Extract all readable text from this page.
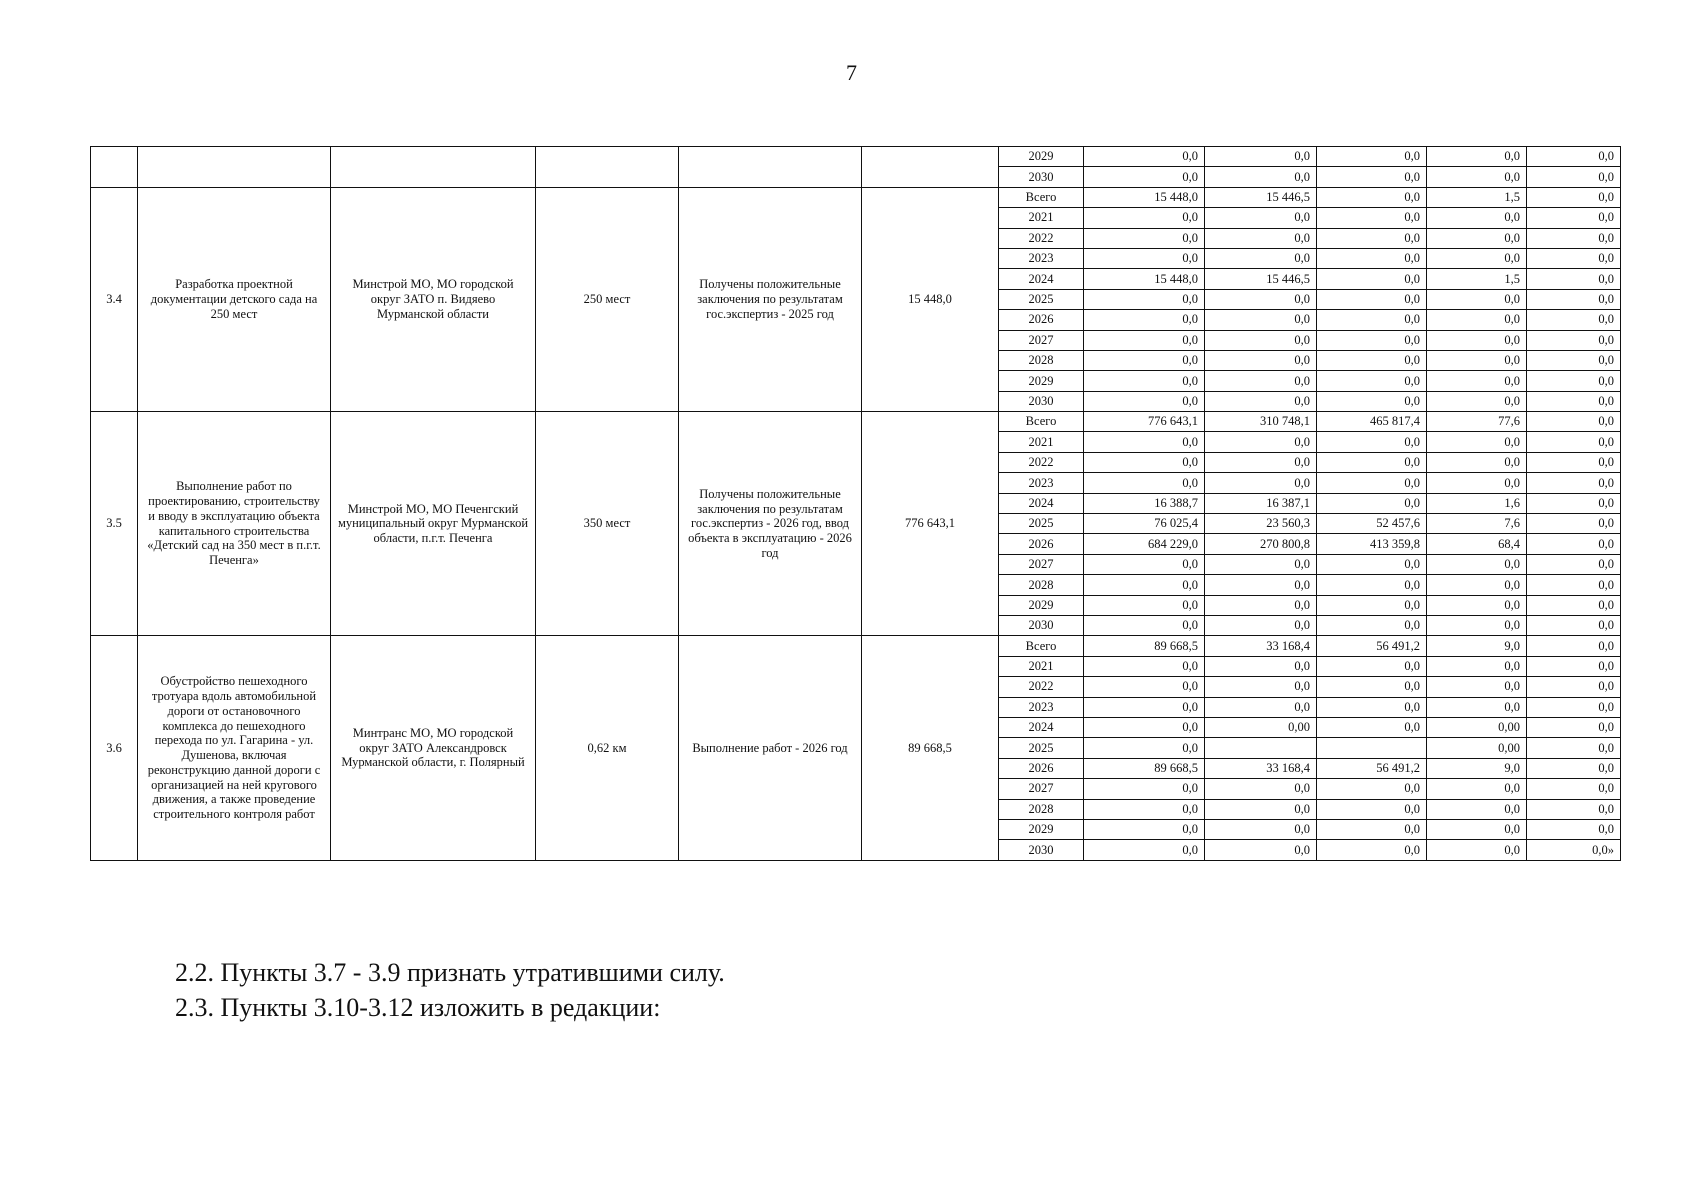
7
						2029	0,0	0,0	0,0	0,0	0,0
						2030	0,0	0,0	0,0	0,0	0,0
3.4	Разработка проектной документации детского сада на 250 мест	Минстрой МО, МО городской округ ЗАТО п. Видяево Мурманской области	250 мест	Получены положительные заключения по результатам гос.экспертиз - 2025 год	15 448,0	Всего	15 448,0	15 446,5	0,0	1,5	0,0
						2021	0,0	0,0	0,0	0,0	0,0
						2022	0,0	0,0	0,0	0,0	0,0
						2023	0,0	0,0	0,0	0,0	0,0
						2024	15 448,0	15 446,5	0,0	1,5	0,0
						2025	0,0	0,0	0,0	0,0	0,0
						2026	0,0	0,0	0,0	0,0	0,0
						2027	0,0	0,0	0,0	0,0	0,0
						2028	0,0	0,0	0,0	0,0	0,0
						2029	0,0	0,0	0,0	0,0	0,0
						2030	0,0	0,0	0,0	0,0	0,0
3.5	Выполнение работ по проектированию, строительству и вводу в эксплуатацию объекта капитального строительства «Детский сад на 350 мест в п.г.т. Печенга»	Минстрой МО, МО Печенгский муниципальный округ Мурманской области, п.г.т. Печенга	350 мест	Получены положительные заключения по результатам гос.экспертиз - 2026 год, ввод объекта в эксплуатацию - 2026 год	776 643,1	Всего	776 643,1	310 748,1	465 817,4	77,6	0,0
						2021	0,0	0,0	0,0	0,0	0,0
						2022	0,0	0,0	0,0	0,0	0,0
						2023	0,0	0,0	0,0	0,0	0,0
						2024	16 388,7	16 387,1	0,0	1,6	0,0
						2025	76 025,4	23 560,3	52 457,6	7,6	0,0
						2026	684 229,0	270 800,8	413 359,8	68,4	0,0
						2027	0,0	0,0	0,0	0,0	0,0
						2028	0,0	0,0	0,0	0,0	0,0
						2029	0,0	0,0	0,0	0,0	0,0
						2030	0,0	0,0	0,0	0,0	0,0
3.6	Обустройство пешеходного тротуара вдоль автомобильной дороги от остановочного комплекса до пешеходного перехода по ул. Гагарина - ул. Душенова, включая реконструкцию данной дороги с организацией на ней кругового движения, а также проведение строительного контроля работ	Минтранс МО, МО городской округ ЗАТО Александровск Мурманской области, г. Полярный	0,62 км	Выполнение работ - 2026 год	89 668,5	Всего	89 668,5	33 168,4	56 491,2	9,0	0,0
						2021	0,0	0,0	0,0	0,0	0,0
						2022	0,0	0,0	0,0	0,0	0,0
						2023	0,0	0,0	0,0	0,0	0,0
						2024	0,0	0,00	0,0	0,00	0,0
						2025	0,0			0,00	0,0
						2026	89 668,5	33 168,4	56 491,2	9,0	0,0
						2027	0,0	0,0	0,0	0,0	0,0
						2028	0,0	0,0	0,0	0,0	0,0
						2029	0,0	0,0	0,0	0,0	0,0
						2030	0,0	0,0	0,0	0,0	0,0»
2.2. Пункты 3.7 - 3.9 признать утратившими силу.
2.3. Пункты 3.10-3.12 изложить в редакции:
